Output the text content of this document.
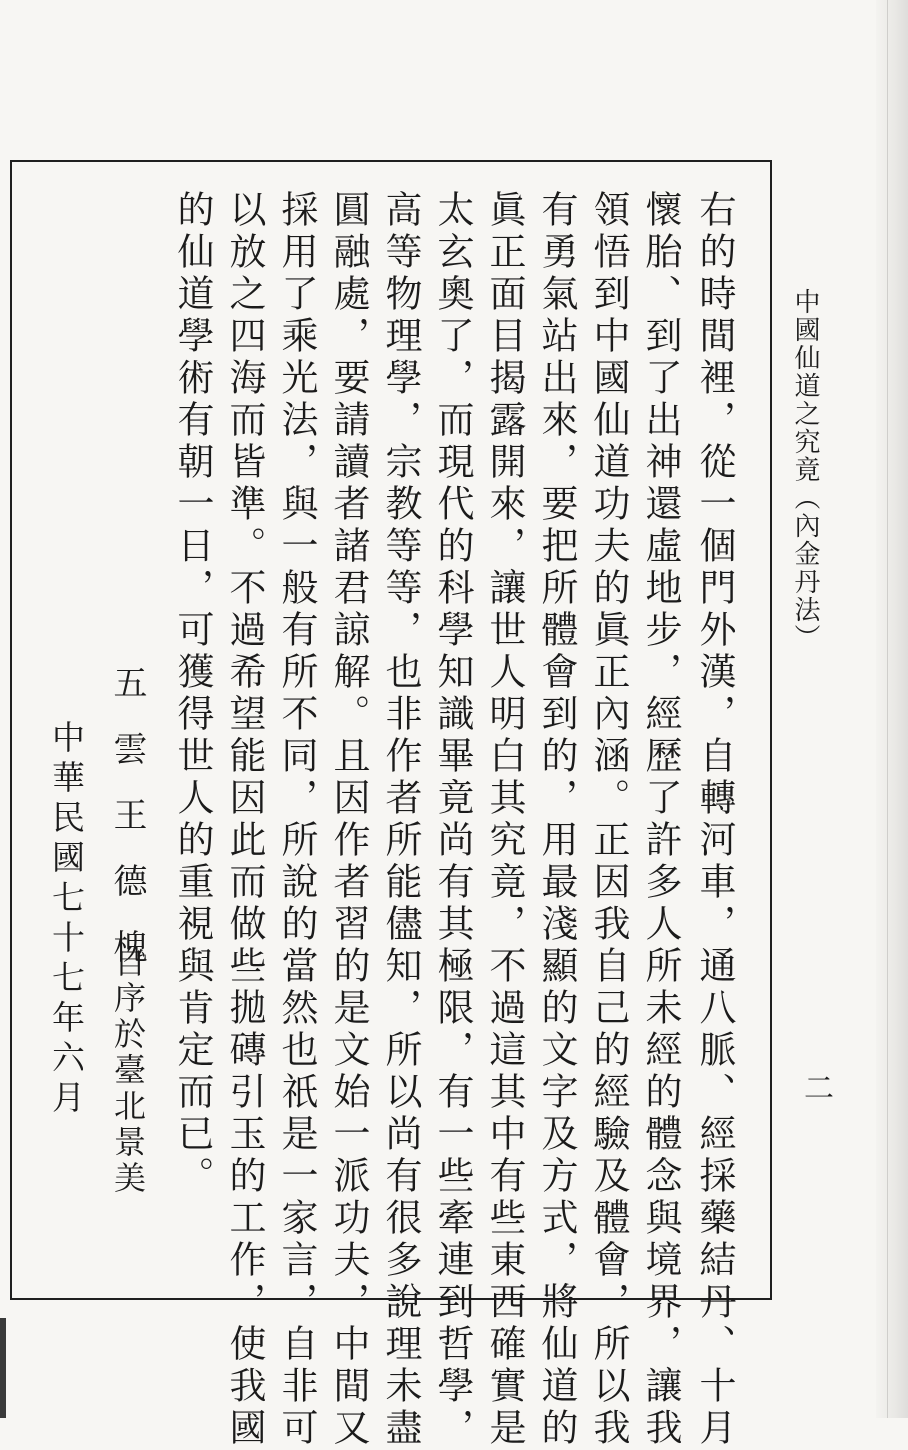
中國仙道之究竟（內金丹法）
二
右的時間裡，從一個門外漢，自轉河車，通八脈、經採藥結丹、十月
懷胎、到了出神還虛地步，經歷了許多人所未經的體念與境界，讓我
領悟到中國仙道功夫的眞正內涵。正因我自己的經驗及體會，所以我
有勇氣站出來，要把所體會到的，用最淺顯的文字及方式，將仙道的
眞正面目揭露開來，讓世人明白其究竟，不過這其中有些東西確實是
太玄奧了，而現代的科學知識畢竟尚有其極限，有一些牽連到哲學，
高等物理學，宗教等等，也非作者所能儘知，所以尚有很多說理未盡
圓融處，要請讀者諸君諒解。且因作者習的是文始一派功夫，中間又
採用了乘光法，與一般有所不同，所說的當然也祇是一家言，自非可
以放之四海而皆準。不過希望能因此而做些拋磚引玉的工作，使我國
的仙道學術有朝一日，可獲得世人的重視與肯定而已。
五雲王德槐
自序於臺北景美
中華民國七十七年六月
